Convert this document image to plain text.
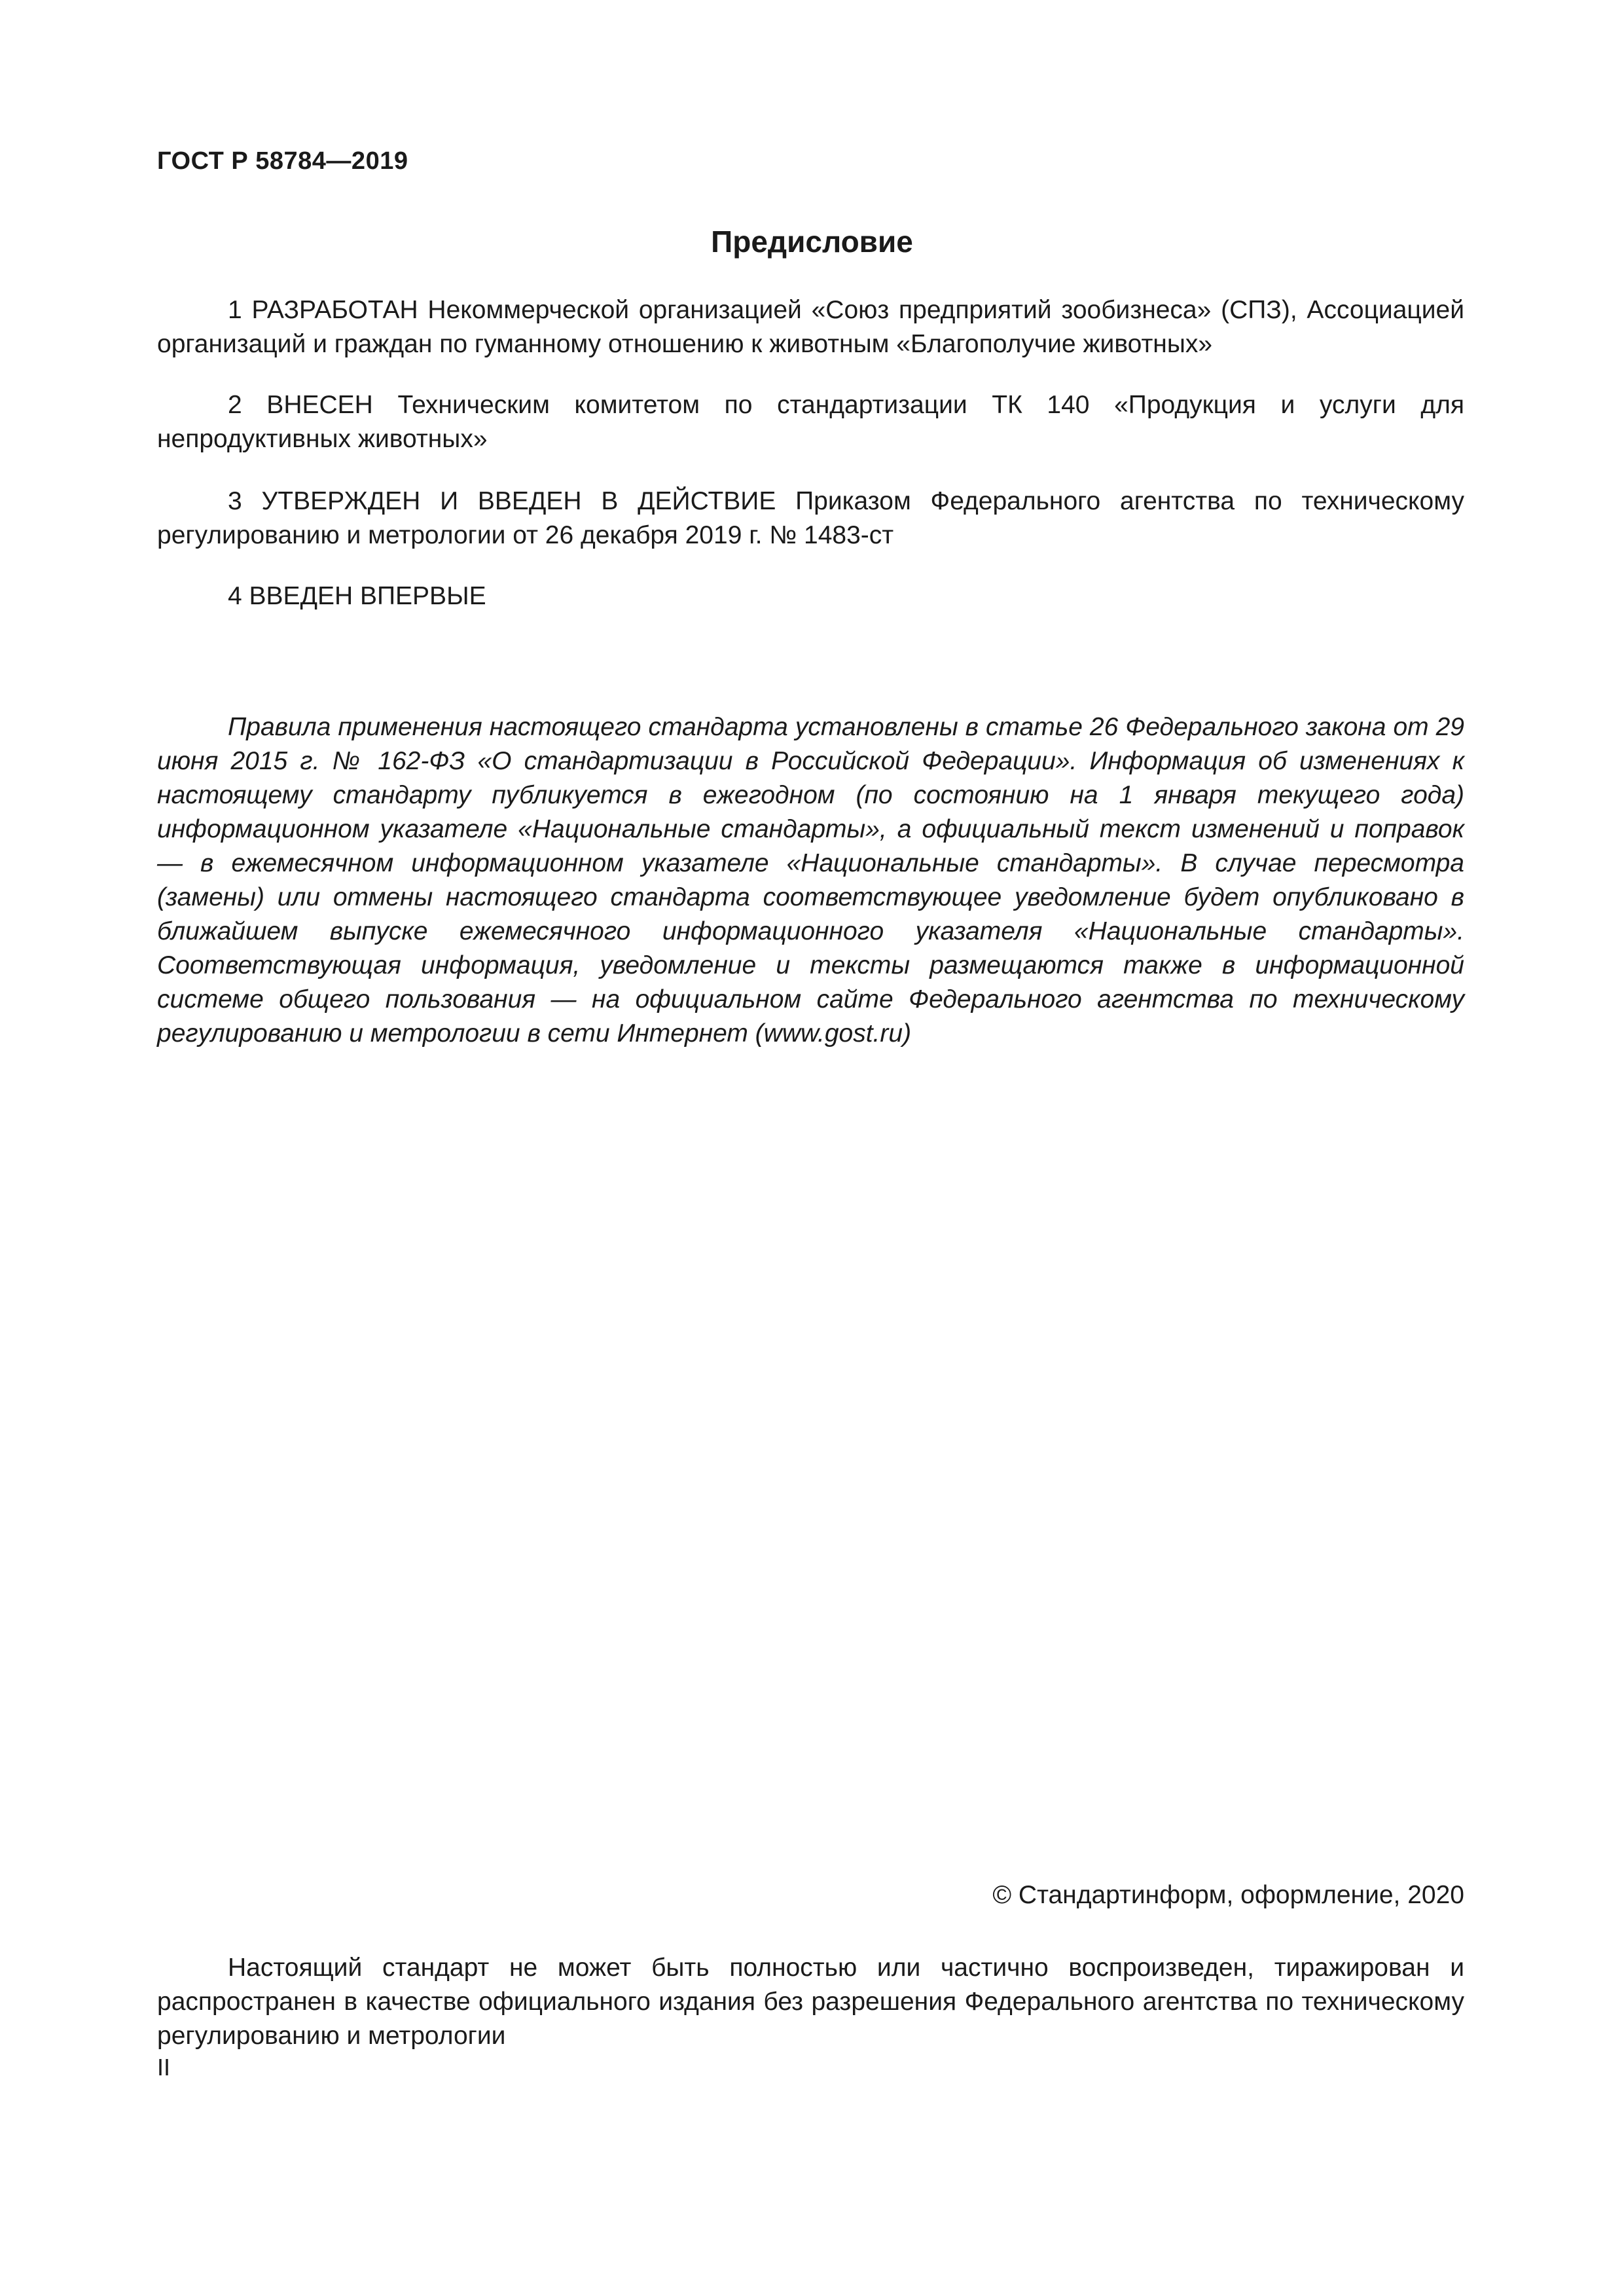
ГОСТ Р 58784—2019
Предисловие

1 РАЗРАБОТАН Некоммерческой организацией «Союз предприятий зообизнеса» (СПЗ), Ассоциацией организаций и граждан по гуманному отношению к животным «Благополучие животных»

2 ВНЕСЕН Техническим комитетом по стандартизации ТК 140 «Продукция и услуги для непродуктивных животных»

3 УТВЕРЖДЕН И ВВЕДЕН В ДЕЙСТВИЕ Приказом Федерального агентства по техническому регулированию и метрологии от 26 декабря 2019 г. № 1483-ст

4 ВВЕДЕН ВПЕРВЫЕ

Правила применения настоящего стандарта установлены в статье 26 Федерального закона от 29 июня 2015 г. № 162-ФЗ «О стандартизации в Российской Федерации». Информация об изменениях к настоящему стандарту публикуется в ежегодном (по состоянию на 1 января текущего года) информационном указателе «Национальные стандарты», а официальный текст изменений и поправок — в ежемесячном информационном указателе «Национальные стандарты». В случае пересмотра (замены) или отмены настоящего стандарта соответствующее уведомление будет опубликовано в ближайшем выпуске ежемесячного информационного указателя «Национальные стандарты». Соответствующая информация, уведомление и тексты размещаются также в информационной системе общего пользования — на официальном сайте Федерального агентства по техническому регулированию и метрологии в сети Интернет (www.gost.ru)

© Стандартинформ, оформление, 2020

Настоящий стандарт не может быть полностью или частично воспроизведен, тиражирован и распространен в качестве официального издания без разрешения Федерального агентства по техническому регулированию и метрологии

II
